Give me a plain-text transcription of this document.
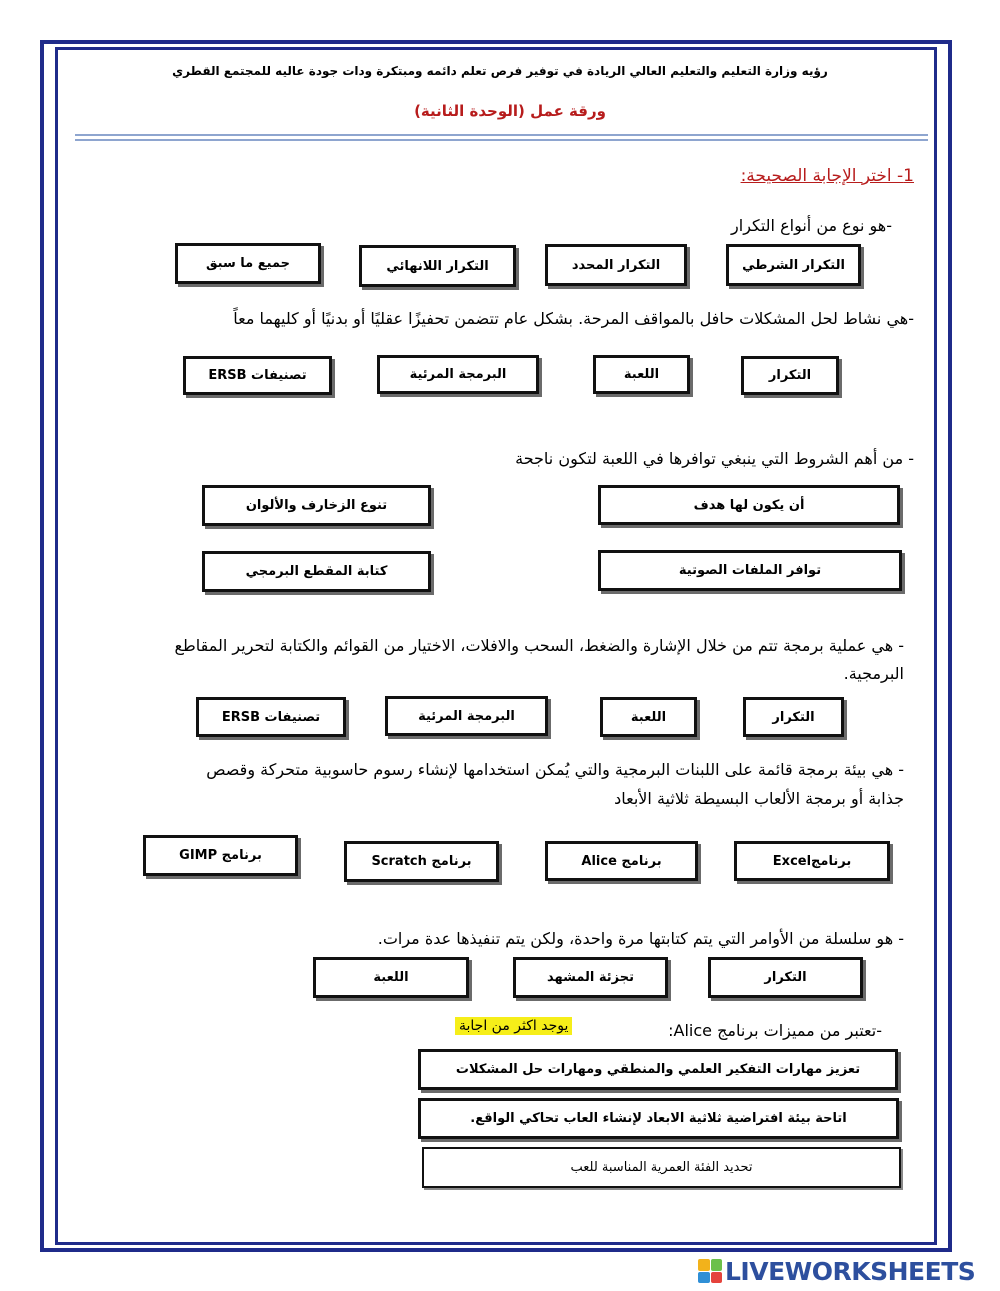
رؤيه وزارة التعليم والتعليم العالي الريادة في توفير فرص تعلم دائمه ومبتكرة ودات جودة عاليه للمجتمع القطري
ورقة عمل (الوحدة الثانية)
1- اختر الإجابة الصحيحة:
-هو نوع من أنواع التكرار
التكرار الشرطي
التكرار المحدد
التكرار اللانهائي
جميع ما سبق
-هي نشاط لحل المشكلات حافل بالمواقف المرحة. بشكل عام تتضمن تحفيزًا عقليًا أو بدنيًا أو كليهما معاً
التكرار
اللعبة
البرمجة المرئية
تصنيفات ERSB
- من أهم الشروط التي ينبغي توافرها في اللعبة لتكون ناجحة
أن يكون لها هدف
تنوع الزخارف والألوان
توافر الملفات الصوتية
كتابة المقطع البرمجي
- هي عملية برمجة تتم من خلال الإشارة والضغط، السحب والافلات، الاختيار من القوائم والكتابة لتحرير المقاطع
البرمجية.
التكرار
اللعبة
البرمجة المرئية
تصنيفات ERSB
- هي بيئة برمجة قائمة على اللبنات البرمجية والتي يُمكن استخدامها لإنشاء رسوم حاسوبية متحركة وقصص
جذابة أو برمجة الألعاب البسيطة ثلاثية الأبعاد
برنامجExcel
برنامج Alice
برنامج Scratch
برنامج GIMP
- هو سلسلة من الأوامر التي يتم كتابتها مرة واحدة، ولكن يتم تنفيذها عدة مرات.
التكرار
تجزئة المشهد
اللعبة
-تعتبر من مميزات برنامج Alice:
يوجد اكثر من اجابة
تعزيز مهارات التفكير العلمي والمنطقي ومهارات حل المشكلات
اتاحة بيئة افتراضية ثلاثية الابعاد لإنشاء العاب تحاكي الواقع.
تحديد الفئة العمرية المناسبة للعب
LIVEWORKSHEETS
